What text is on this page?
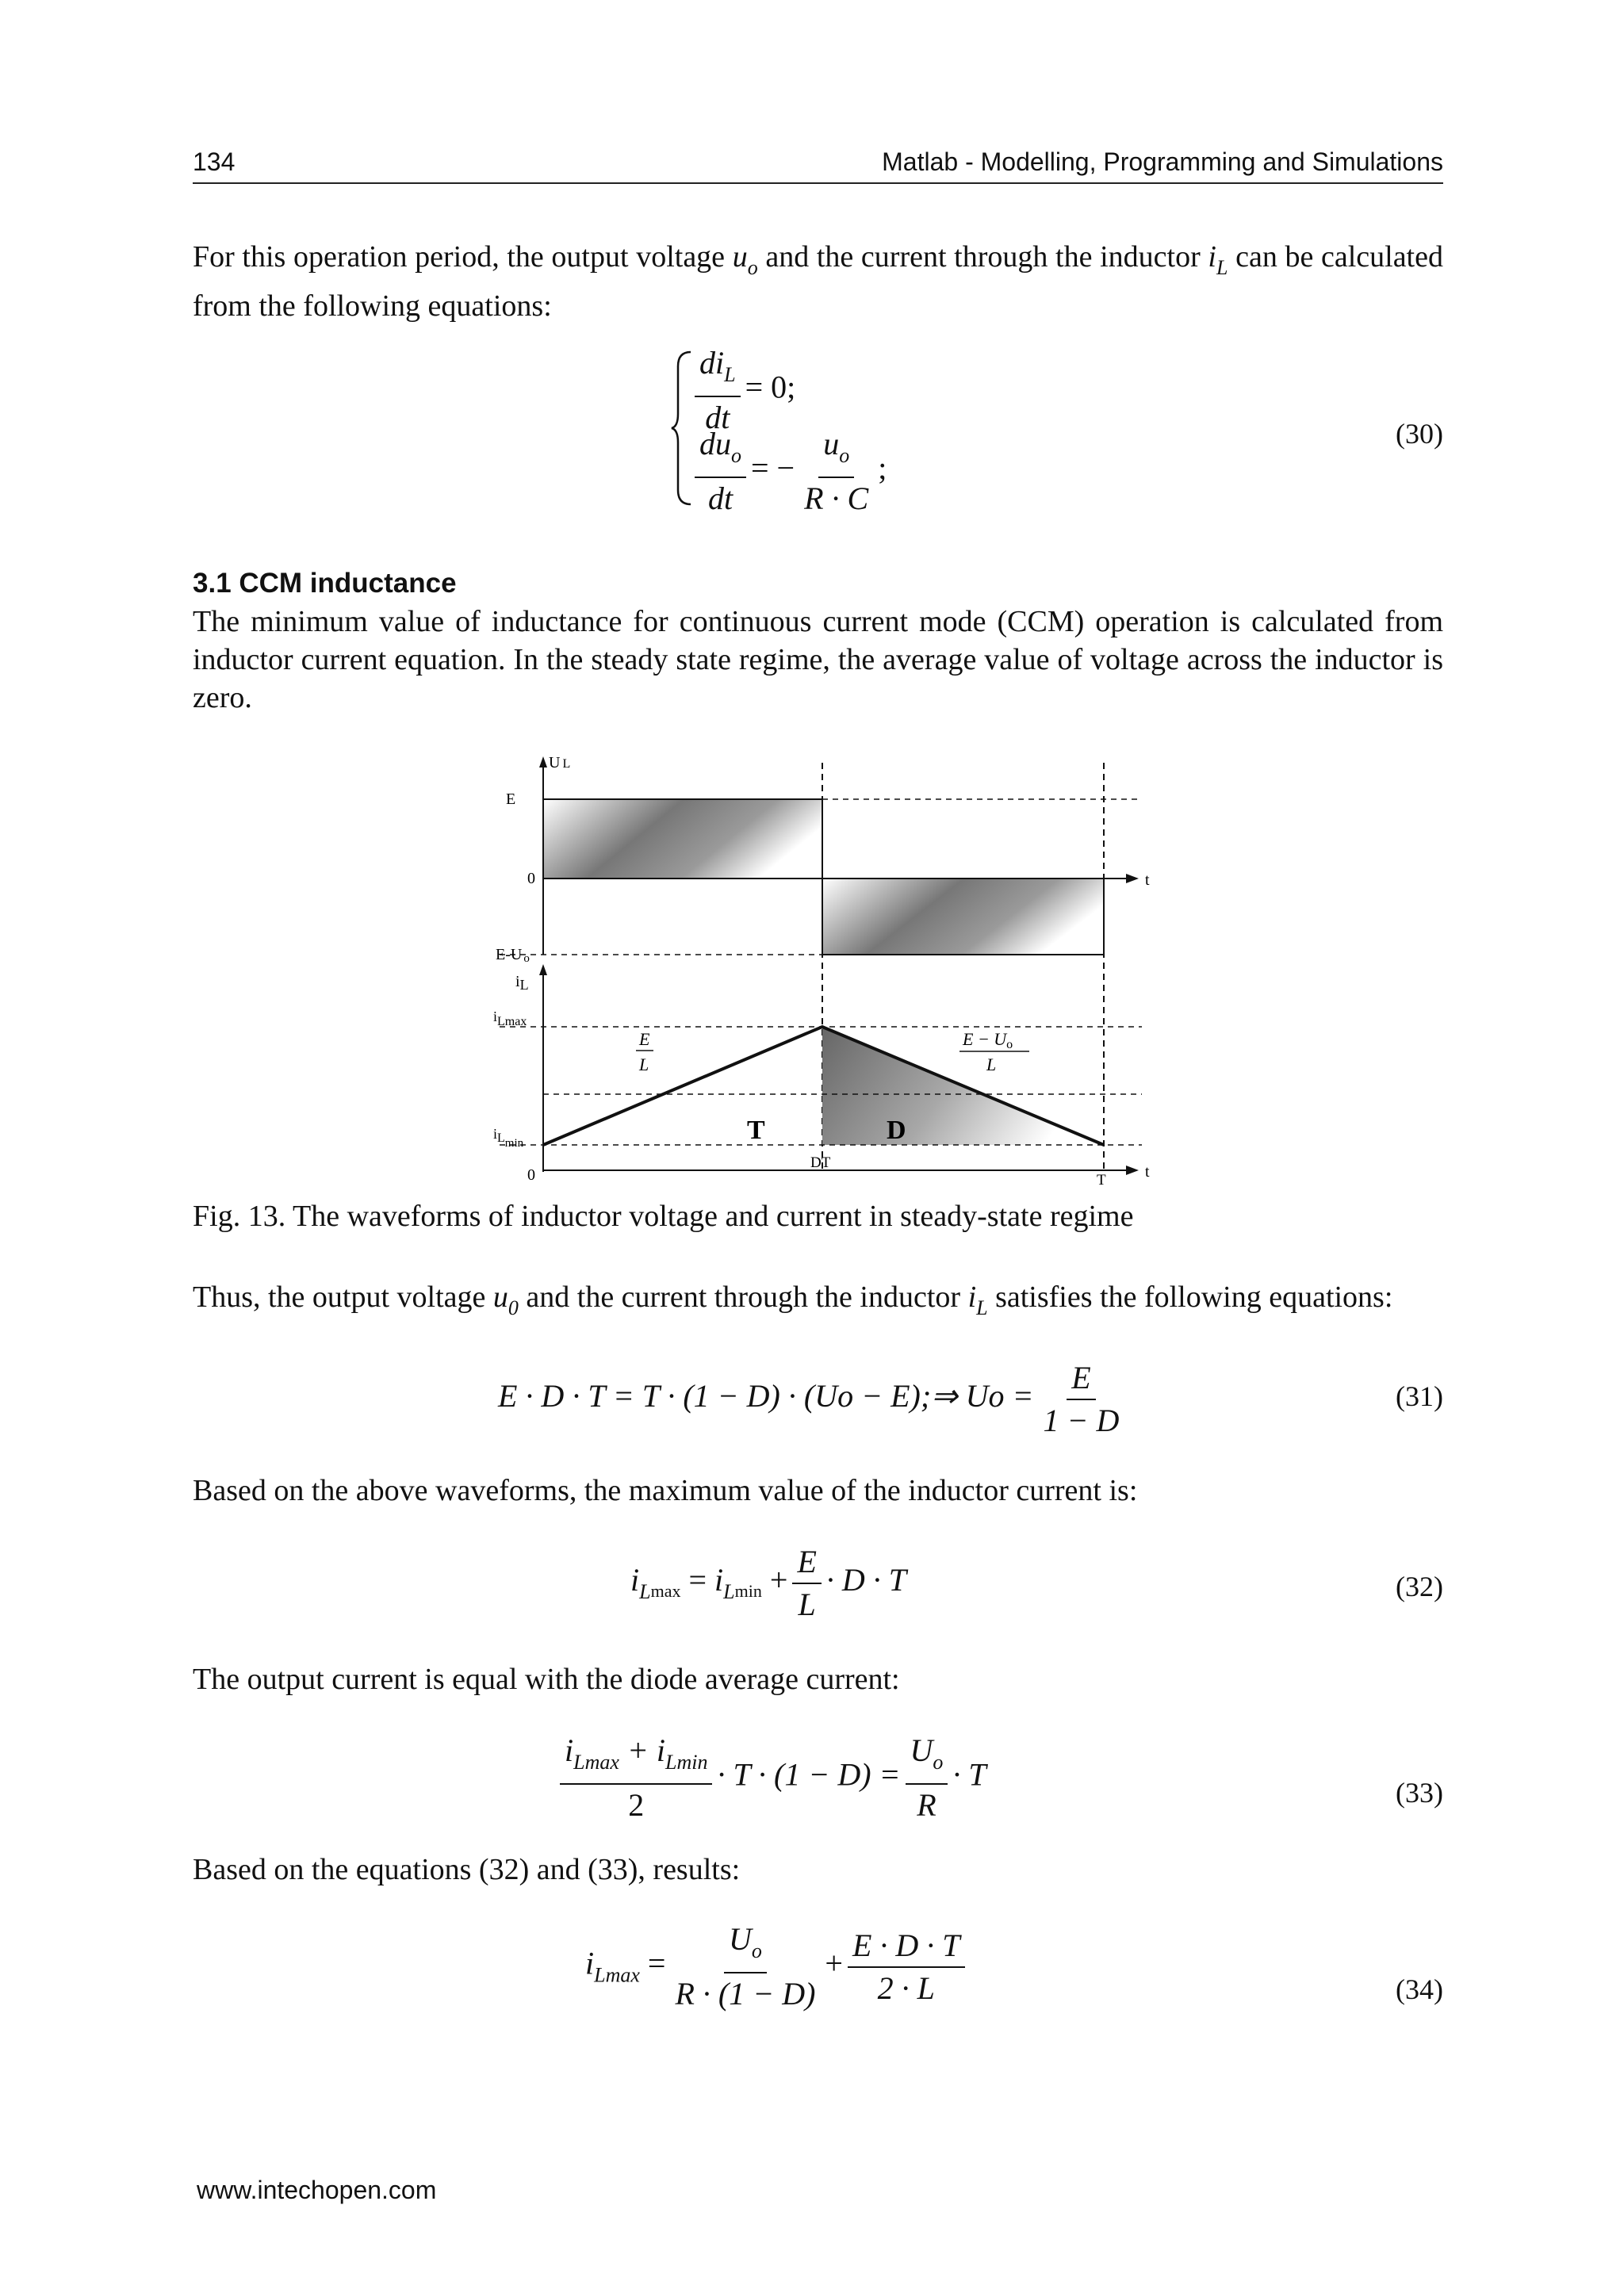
134	Matlab - Modelling, Programming and Simulations
For this operation period, the output voltage $u_o$ and the current through the inductor $i_L$ can be calculated from the following equations:
$\frac{di_L}{dt} = 0$;
$\frac{du_o}{dt}$ = − $\frac{u_o}{R \cdot C}$ ;
(30)
3.1 CCM inductance
The minimum value of inductance for continuous current mode (CCM) operation is calculated from inductor current equation. In the steady state regime, the average value of voltage across the inductor is zero.
U L
E
0	t
E-U o
iL
iLmax
$iL_{min}$
0	t
DT
T
E
L
E − Uo
L
T	D
Fig. 13. The waveforms of inductor voltage and current in steady-state regime
Thus, the output voltage $u_0$ and the current through the inductor $i_L$ satisfies the following equations:
E · D · T = T · (1 − D) · (Uo − E);⇒ $Uo = \frac{E}{1 - D}$	(31)
Based on the above waveforms, the maximum value of the inductor current is:
$i_{Lmax} = i_{Lmin} + \frac{E}{L} \cdot D \cdot T$	(32)
The output current is equal with the diode average current:
$\frac{i_{Lmax} + i_{Lmin}}{2} \cdot T \cdot (1 - D) = \frac{U_o}{R} \cdot T$
(33)
Based on the equations (32) and (33), results:
$i_{Lmax} = \frac{U_o}{R \cdot (1 - D)} + \frac{E \cdot D \cdot T}{2 \cdot L}$	(34)
www.intechopen.com
